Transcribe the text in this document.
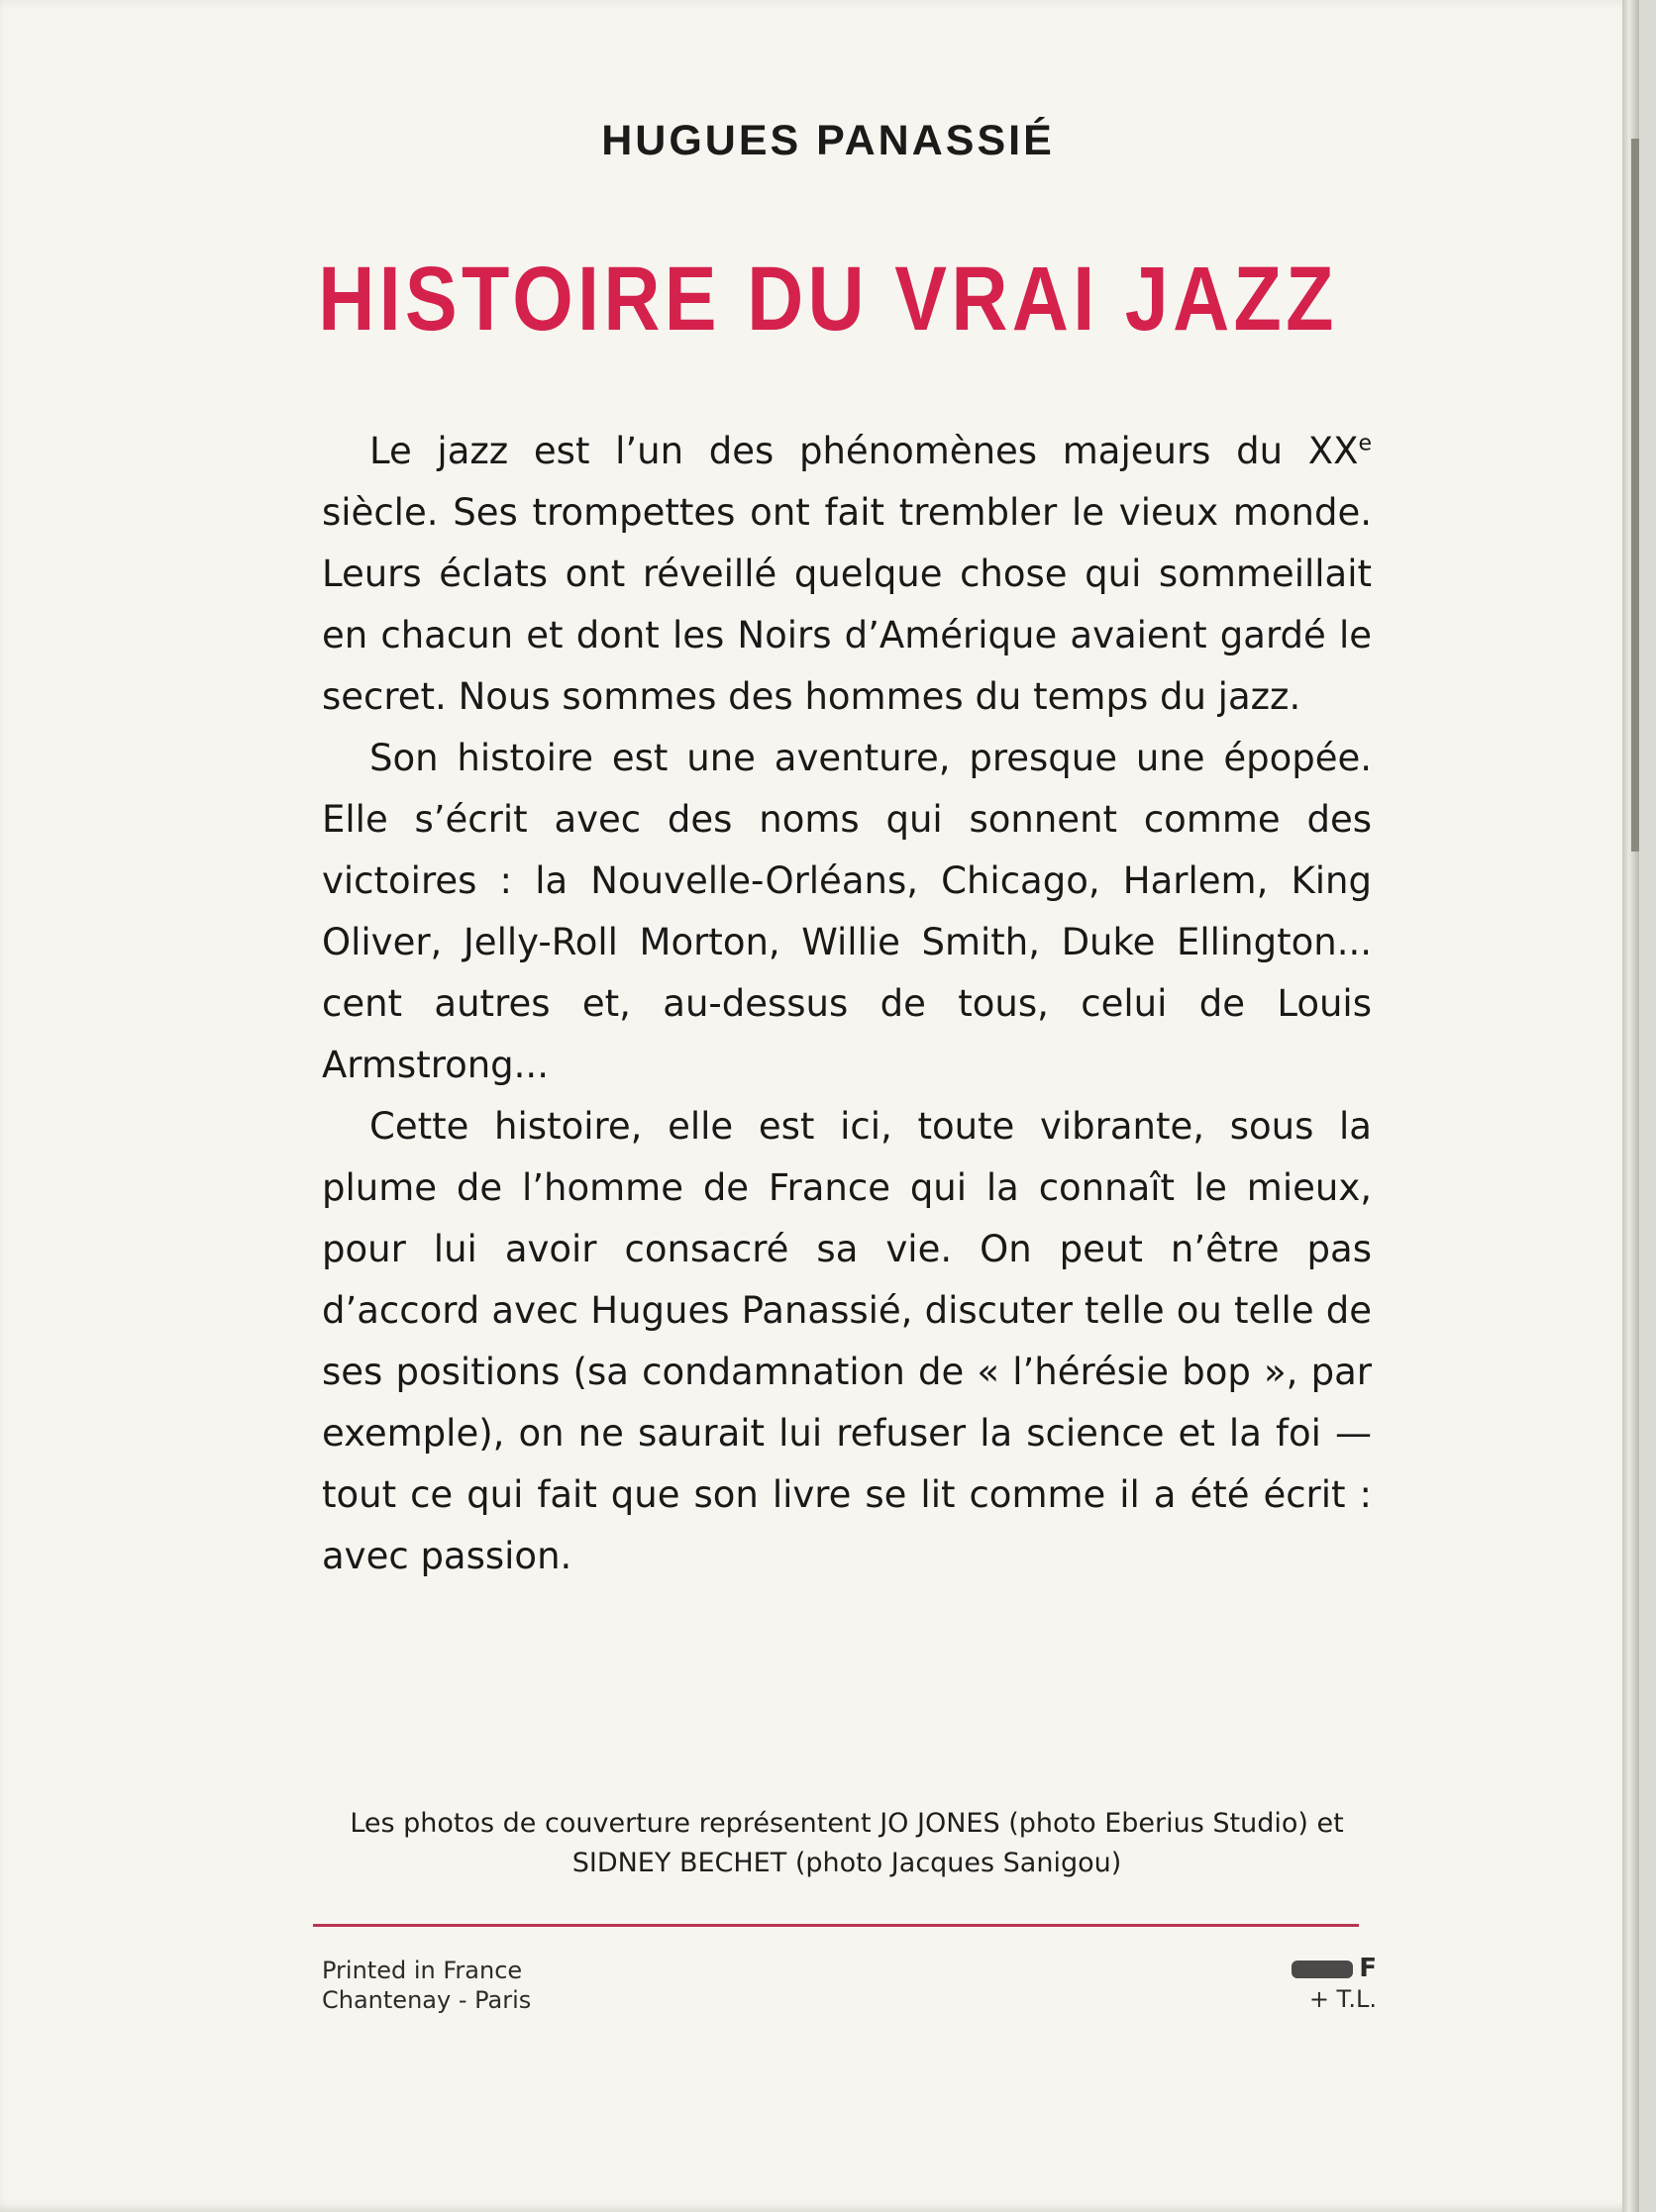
HUGUES PANASSIÉ
HISTOIRE DU VRAI JAZZ

Le jazz est l’un des phénomènes majeurs du XXe siècle. Ses trompettes ont fait trembler le vieux monde. Leurs éclats ont réveillé quelque chose qui sommeillait en chacun et dont les Noirs d’Amérique avaient gardé le secret. Nous sommes des hommes du temps du jazz.

Son histoire est une aventure, presque une épopée. Elle s’écrit avec des noms qui sonnent comme des victoires : la Nouvelle-Orléans, Chicago, Harlem, King Oliver, Jelly-Roll Morton, Willie Smith, Duke Ellington... cent autres et, au-dessus de tous, celui de Louis Armstrong...

Cette histoire, elle est ici, toute vibrante, sous la plume de l’homme de France qui la connaît le mieux, pour lui avoir consacré sa vie. On peut n’être pas d’accord avec Hugues Panassié, discuter telle ou telle de ses positions (sa condamnation de « l’hérésie bop », par exemple), on ne saurait lui refuser la science et la foi — tout ce qui fait que son livre se lit comme il a été écrit : avec passion.

Les photos de couverture représentent JO JONES (photo Eberius Studio) et SIDNEY BECHET (photo Jacques Sanigou)
Printed in France
Chantenay - Paris
F
+ T.L.
